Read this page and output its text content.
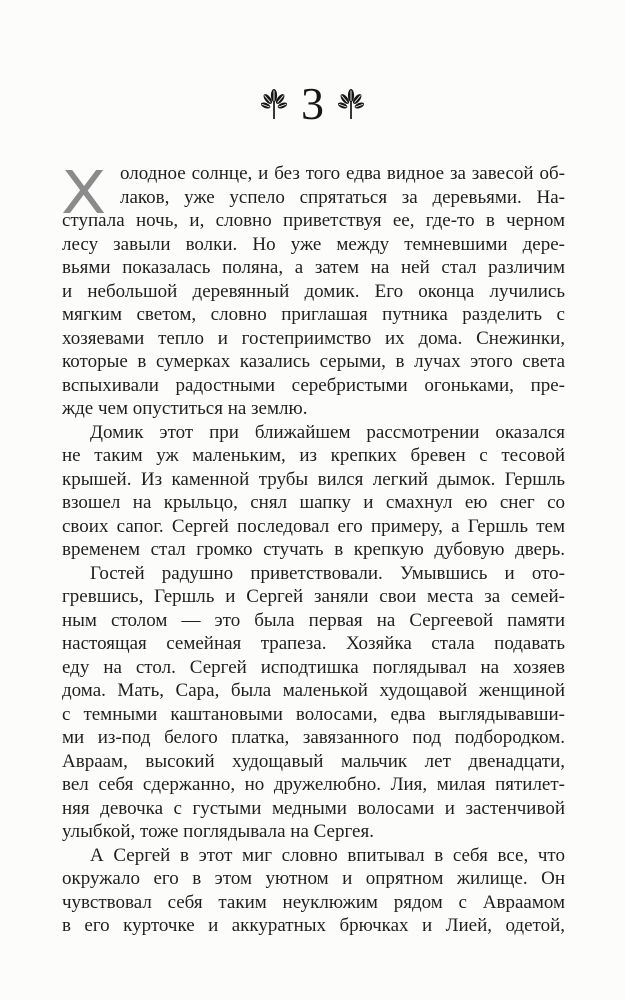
3
Х олодное солнце, и без того едва видное за завесой об-
лаков, уже успело спрятаться за деревьями. На-
ступала ночь, и, словно приветствуя ее, где-то в черном
лесу завыли волки. Но уже между темневшими дере-
вьями показалась поляна, а затем на ней стал различим
и небольшой деревянный домик. Его оконца лучились
мягким светом, словно приглашая путника разделить с
хозяевами тепло и гостеприимство их дома. Снежинки,
которые в сумерках казались серыми, в лучах этого света
вспыхивали радостными серебристыми огоньками, пре-
жде чем опуститься на землю.
Домик этот при ближайшем рассмотрении оказался
не таким уж маленьким, из крепких бревен с тесовой
крышей. Из каменной трубы вился легкий дымок. Гершль
взошел на крыльцо, снял шапку и смахнул ею снег со
своих сапог. Сергей последовал его примеру, а Гершль тем
временем стал громко стучать в крепкую дубовую дверь.
Гостей радушно приветствовали. Умывшись и ото-
гревшись, Гершль и Сергей заняли свои места за семей-
ным столом — это была первая на Сергеевой памяти
настоящая семейная трапеза. Хозяйка стала подавать
еду на стол. Сергей исподтишка поглядывал на хозяев
дома. Мать, Сара, была маленькой худощавой женщиной
с темными каштановыми волосами, едва выглядывавши-
ми из-под белого платка, завязанного под подбородком.
Авраам, высокий худощавый мальчик лет двенадцати,
вел себя сдержанно, но дружелюбно. Лия, милая пятилет-
няя девочка с густыми медными волосами и застенчивой
улыбкой, тоже поглядывала на Сергея.
А Сергей в этот миг словно впитывал в себя все, что
окружало его в этом уютном и опрятном жилище. Он
чувствовал себя таким неуклюжим рядом с Авраамом
в его курточке и аккуратных брючках и Лией, одетой,
